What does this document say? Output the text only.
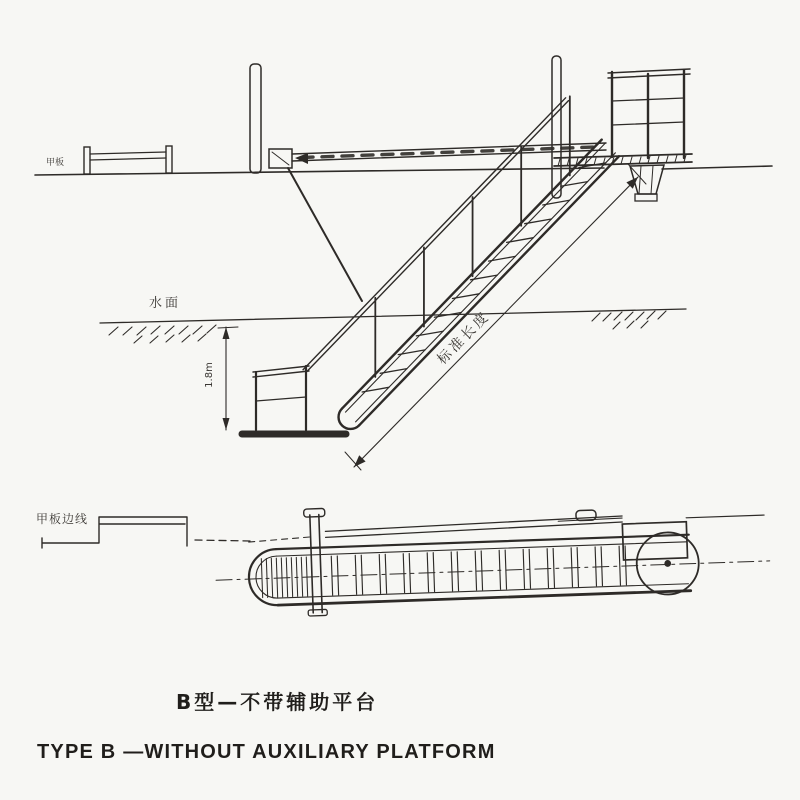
甲板
水面
1.8m
标准长度
甲板边线
B型—不带辅助平台
TYPE B —WITHOUT AUXILIARY PLATFORM
